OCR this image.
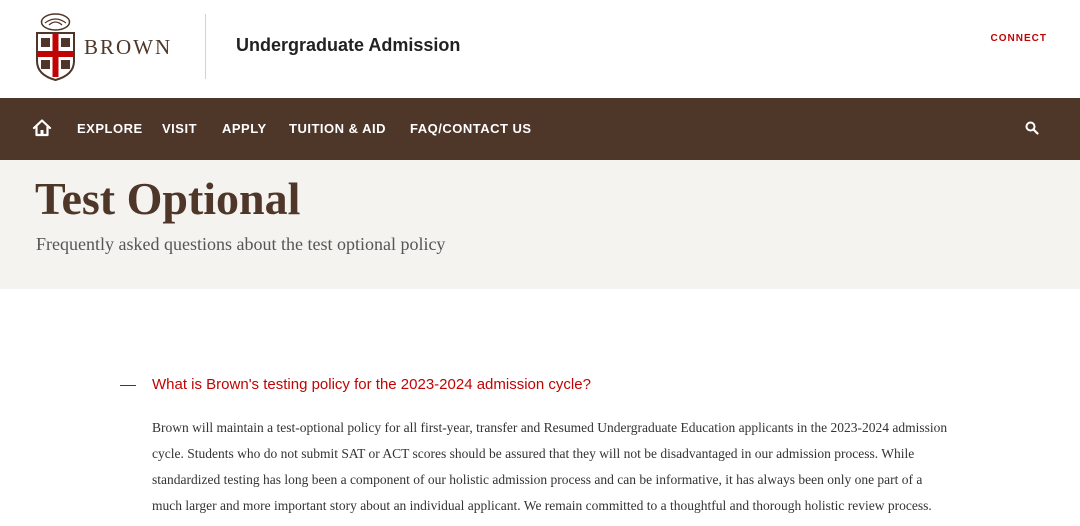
BROWN	Undergraduate Admission	CONNECT
EXPLORE VISIT APPLY TUITION & AID FAQ/CONTACT US
Test Optional

Frequently asked questions about the test optional policy

What is Brown's testing policy for the 2023-2024 admission cycle?
Brown will maintain a test-optional policy for all first-year, transfer and Resumed Undergraduate Education applicants in the 2023-2024 admission
cycle. Students who do not submit SAT or ACT scores should be assured that they will not be disadvantaged in our admission process. While
standardized testing has long been a component of our holistic admission process and can be informative, it has always been only one part of a
much larger and more important story about an individual applicant. We remain committed to a thoughtful and thorough holistic review process.
